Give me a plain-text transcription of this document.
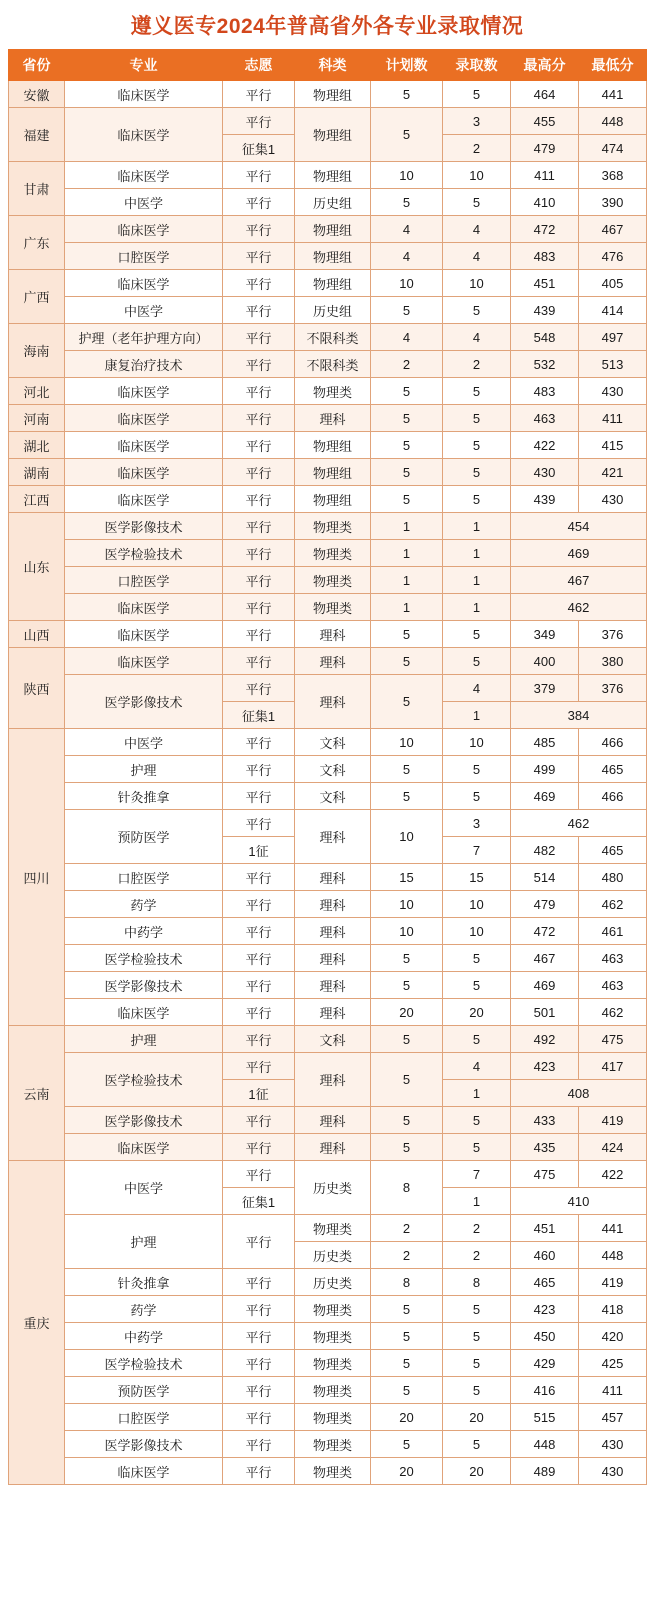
遵义医专2024年普高省外各专业录取情况
省份	专业	志愿	科类	计划数	录取数	最高分	最低分
安徽	临床医学	平行	物理组	5	5	464	441
福建	临床医学	平行	物理组	5	3	455	448
		征集1			2	479	474
甘肃	临床医学	平行	物理组	10	10	411	368
	中医学	平行	历史组	5	5	410	390
广东	临床医学	平行	物理组	4	4	472	467
	口腔医学	平行	物理组	4	4	483	476
广西	临床医学	平行	物理组	10	10	451	405
	中医学	平行	历史组	5	5	439	414
海南	护理（老年护理方向）	平行	不限科类	4	4	548	497
	康复治疗技术	平行	不限科类	2	2	532	513
河北	临床医学	平行	物理类	5	5	483	430
河南	临床医学	平行	理科	5	5	463	411
湖北	临床医学	平行	物理组	5	5	422	415
湖南	临床医学	平行	物理组	5	5	430	421
江西	临床医学	平行	物理组	5	5	439	430
山东	医学影像技术	平行	物理类	1	1	454	
	医学检验技术	平行	物理类	1	1	469	
	口腔医学	平行	物理类	1	1	467	
	临床医学	平行	物理类	1	1	462	
山西	临床医学	平行	理科	5	5	349	376
陕西	临床医学	平行	理科	5	5	400	380
	医学影像技术	平行	理科	5	4	379	376
		征集1			1	384	
四川	中医学	平行	文科	10	10	485	466
	护理	平行	文科	5	5	499	465
	针灸推拿	平行	文科	5	5	469	466
	预防医学	平行	理科	10	3	462	
		1征			7	482	465
	口腔医学	平行	理科	15	15	514	480
	药学	平行	理科	10	10	479	462
	中药学	平行	理科	10	10	472	461
	医学检验技术	平行	理科	5	5	467	463
	医学影像技术	平行	理科	5	5	469	463
	临床医学	平行	理科	20	20	501	462
云南	护理	平行	文科	5	5	492	475
	医学检验技术	平行	理科	5	4	423	417
		1征			1	408	
	医学影像技术	平行	理科	5	5	433	419
	临床医学	平行	理科	5	5	435	424
重庆	中医学	平行	历史类	8	7	475	422
		征集1			1	410	
	护理	平行	物理类	2	2	451	441
			历史类	2	2	460	448
	针灸推拿	平行	历史类	8	8	465	419
	药学	平行	物理类	5	5	423	418
	中药学	平行	物理类	5	5	450	420
	医学检验技术	平行	物理类	5	5	429	425
	预防医学	平行	物理类	5	5	416	411
	口腔医学	平行	物理类	20	20	515	457
	医学影像技术	平行	物理类	5	5	448	430
	临床医学	平行	物理类	20	20	489	430
